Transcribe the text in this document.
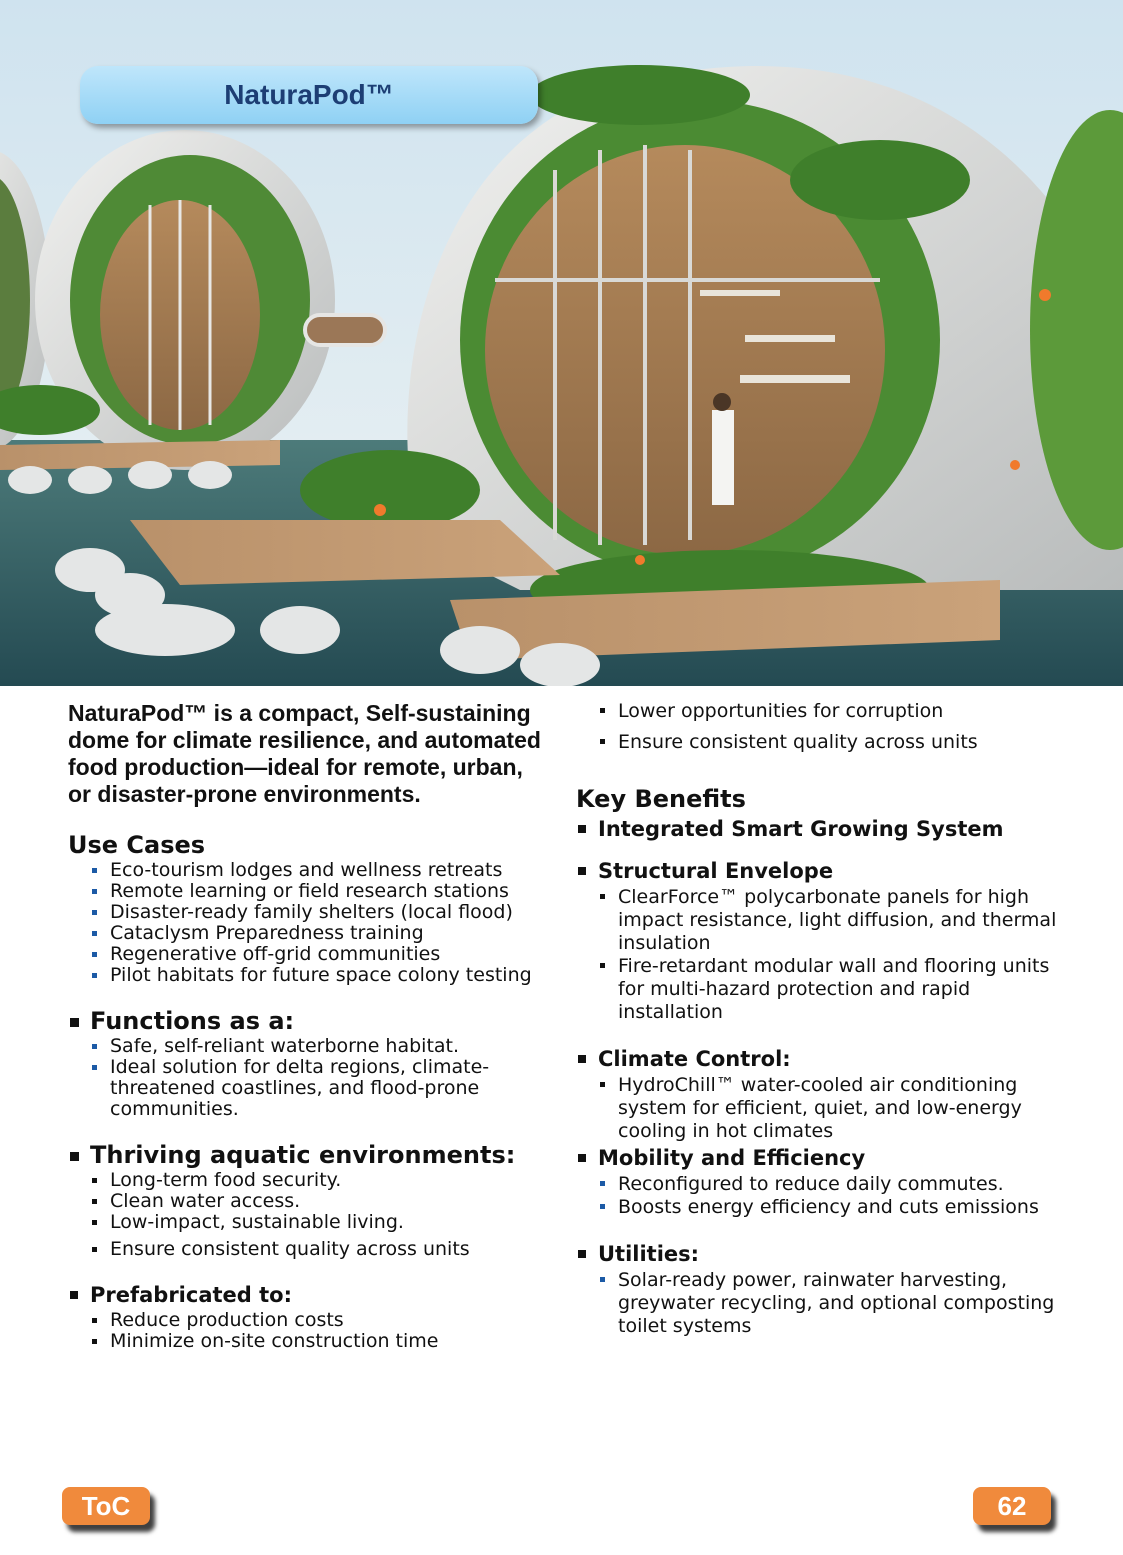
NaturaPod™

NaturaPod™ is a compact, Self-sustaining dome for climate resilience, and automated food production—ideal for remote, urban, or disaster-prone environments.

Use Cases
Eco-tourism lodges and wellness retreats
Remote learning or field research stations
Disaster-ready family shelters (local flood)
Cataclysm Preparedness training
Regenerative off-grid communities
Pilot habitats for future space colony testing
Functions as a:
Safe, self-reliant waterborne habitat.
Ideal solution for delta regions, climate-threatened coastlines, and flood-prone communities.
Thriving aquatic environments:
Long-term food security.
Clean water access.
Low-impact, sustainable living.
Ensure consistent quality across units
Prefabricated to:
Reduce production costs
Minimize on-site construction time
Lower opportunities for corruption
Ensure consistent quality across units
Key Benefits
Integrated Smart Growing System
Structural Envelope
ClearForce™ polycarbonate panels for high impact resistance, light diffusion, and thermal insulation
Fire-retardant modular wall and flooring units for multi-hazard protection and rapid installation
Climate Control:
HydroChill™ water-cooled air conditioning system for efficient, quiet, and low-energy cooling in hot climates
Mobility and Efficiency
Reconfigured to reduce daily commutes.
Boosts energy efficiency and cuts emissions
Utilities:
Solar-ready power, rainwater harvesting, greywater recycling, and optional composting toilet systems
ToC	62
